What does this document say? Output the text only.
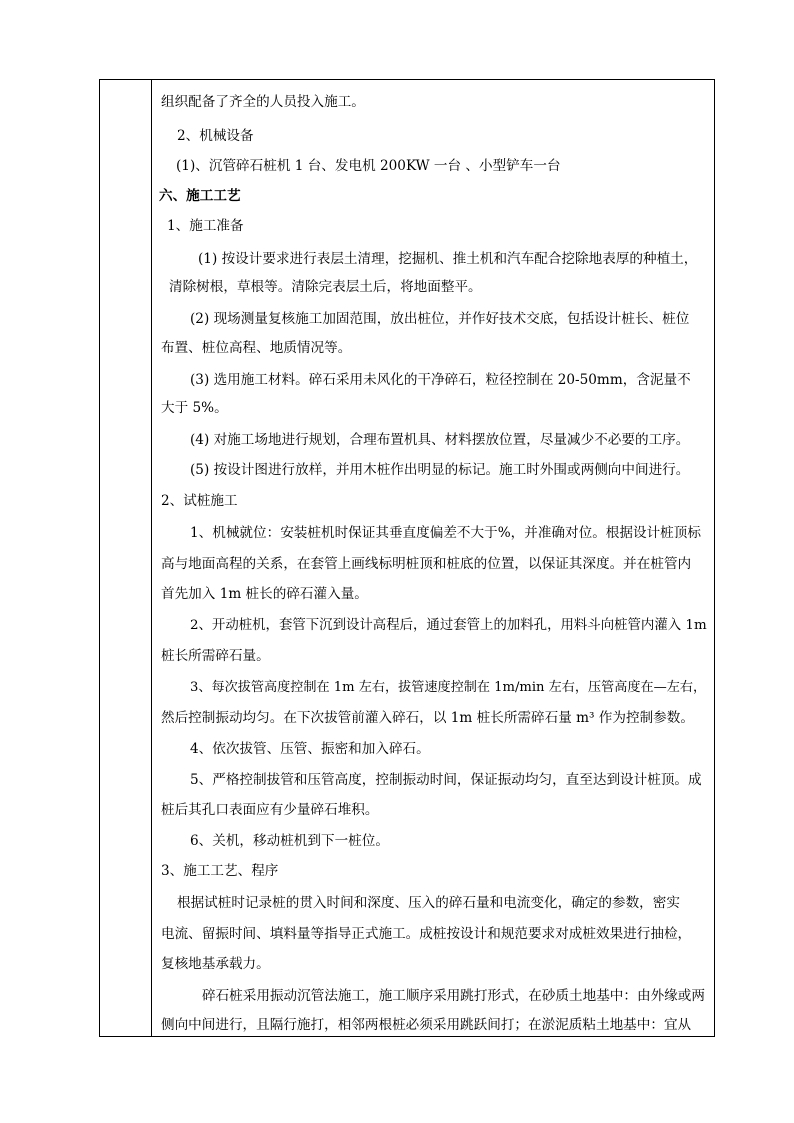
组织配备了齐全的人员投入施工。
2、机械设备
(1)、沉管碎石桩机 1 台、发电机 200KW 一台 、小型铲车一台
六、施工工艺
1、施工准备
(1) 按设计要求进行表层土清理，挖掘机、推土机和汽车配合挖除地表厚的种植土，
清除树根，草根等。清除完表层土后，将地面整平。
(2) 现场测量复核施工加固范围，放出桩位，并作好技术交底，包括设计桩长、桩位
布置、桩位高程、地质情况等。
(3) 选用施工材料。碎石采用未风化的干净碎石，粒径控制在 20-50mm，含泥量不
大于 5%。
(4) 对施工场地进行规划，合理布置机具、材料摆放位置，尽量减少不必要的工序。
(5) 按设计图进行放样，并用木桩作出明显的标记。施工时外围或两侧向中间进行。
2、试桩施工
1、机械就位：安装桩机时保证其垂直度偏差不大于%，并准确对位。根据设计桩顶标
高与地面高程的关系，在套管上画线标明桩顶和桩底的位置，以保证其深度。并在桩管内
首先加入 1m 桩长的碎石灌入量。
2、开动桩机，套管下沉到设计高程后，通过套管上的加料孔，用料斗向桩管内灌入 1m
桩长所需碎石量。
3、每次拔管高度控制在 1m 左右，拔管速度控制在 1m/min 左右，压管高度在—左右，
然后控制振动均匀。在下次拔管前灌入碎石，以 1m 桩长所需碎石量 m³ 作为控制参数。
4、依次拔管、压管、振密和加入碎石。
5、严格控制拔管和压管高度，控制振动时间，保证振动均匀，直至达到设计桩顶。成
桩后其孔口表面应有少量碎石堆积。
6、关机，移动桩机到下一桩位。
3、施工工艺、程序
根据试桩时记录桩的贯入时间和深度、压入的碎石量和电流变化，确定的参数，密实
电流、留振时间、填料量等指导正式施工。成桩按设计和规范要求对成桩效果进行抽检，
复核地基承载力。
碎石桩采用振动沉管法施工，施工顺序采用跳打形式，在砂质土地基中：由外缘或两
侧向中间进行，且隔行施打，相邻两根桩必须采用跳跃间打；在淤泥质粘土地基中：宜从
